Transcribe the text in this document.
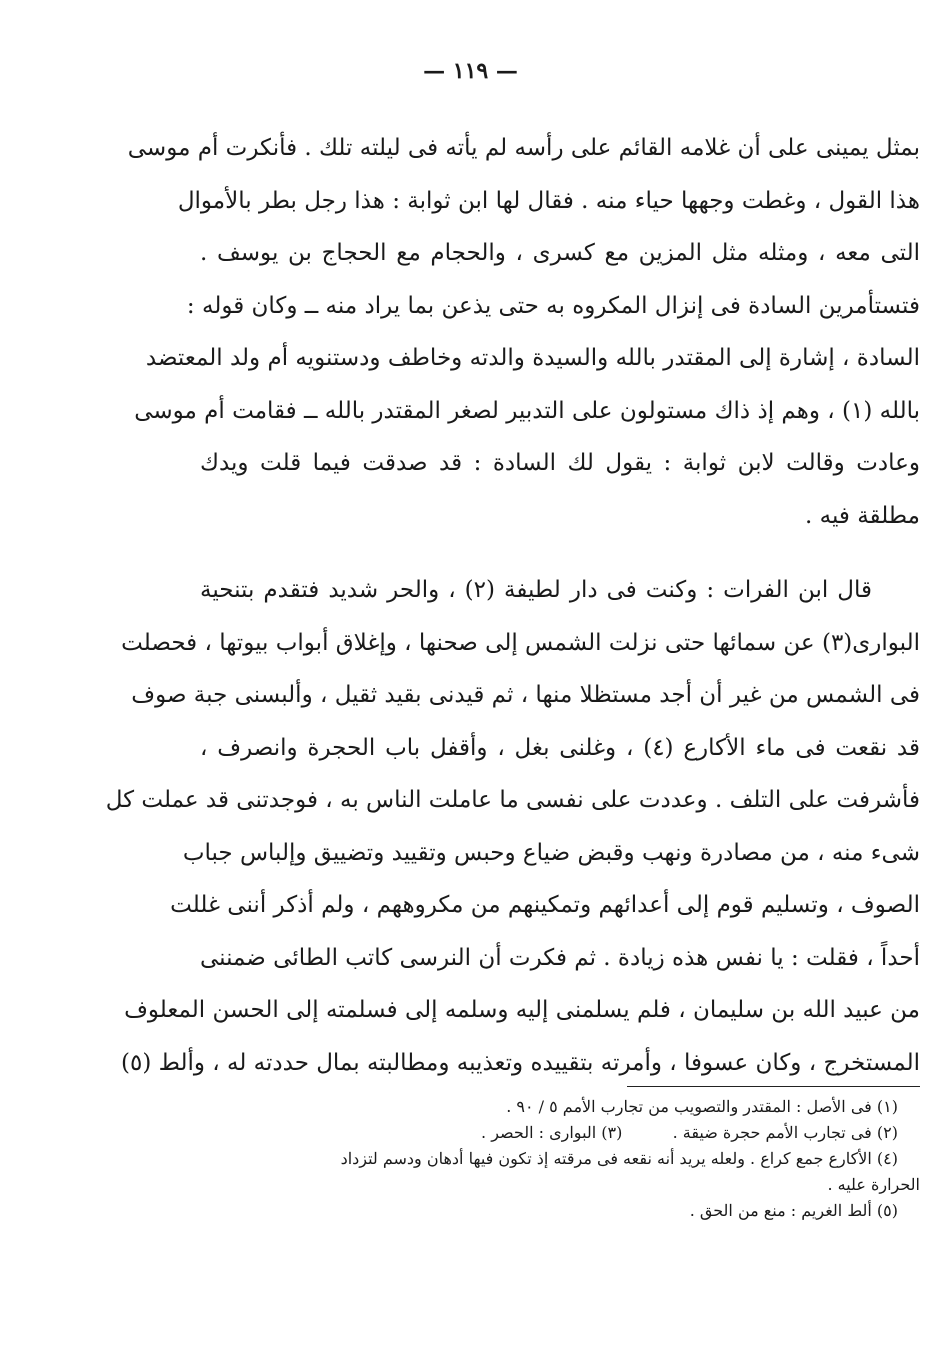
— ١١٩ —
بمثل يمينى على أن غلامه القائم على رأسه لم يأته فى ليلته تلك . فأنكرت أم موسى
هذا القول ، وغطت وجهها حياء منه . فقال لها ابن ثوابة : هذا رجل بطر بالأموال
التى معه ، ومثله مثل المزين مع كسرى ، والحجام مع الحجاج بن يوسف .
فتستأمرين السادة فى إنزال المكروه به حتى يذعن بما يراد منه ــ وكان قوله :
السادة ، إشارة إلى المقتدر بالله والسيدة والدته وخاطف ودستنويه أم ولد المعتضد
بالله (١) ، وهم إذ ذاك مستولون على التدبير لصغر المقتدر بالله ــ فقامت أم موسى
وعادت وقالت لابن ثوابة : يقول لك السادة : قد صدقت فيما قلت ويدك
مطلقة فيه .
قال ابن الفرات : وكنت فى دار لطيفة (٢) ، والحر شديد فتقدم بتنحية
البوارى(٣) عن سمائها حتى نزلت الشمس إلى صحنها ، وإغلاق أبواب بيوتها ، فحصلت
فى الشمس من غير أن أجد مستظلا منها ، ثم قيدنى بقيد ثقيل ، وألبسنى جبة صوف
قد نقعت فى ماء الأكارع (٤) ، وغلنى بغل ، وأقفل باب الحجرة وانصرف ،
فأشرفت على التلف . وعددت على نفسى ما عاملت الناس به ، فوجدتنى قد عملت كل
شىء منه ، من مصادرة ونهب وقبض ضياع وحبس وتقييد وتضييق وإلباس جباب
الصوف ، وتسليم قوم إلى أعدائهم وتمكينهم من مكروههم ، ولم أذكر أننى غللت
أحداً ، فقلت : يا نفس هذه زيادة . ثم فكرت أن النرسى كاتب الطائى ضمننى
من عبيد الله بن سليمان ، فلم يسلمنى إليه وسلمه إلى فسلمته إلى الحسن المعلوف
المستخرج ، وكان عسوفا ، وأمرته بتقييده وتعذيبه ومطالبته بمال حددته له ، وألط (٥)
(١) فى الأصل : المقتدر والتصويب من تجارب الأمم ٥ / ٩٠ .
(٢) فى تجارب الأمم حجرة ضيقة .  (٣) البوارى : الحصر .
(٤) الأكارع جمع كراع . ولعله يريد أنه نقعه فى مرقته إذ تكون فيها أدهان ودسم لتزداد
الحرارة عليه .
(٥) ألط الغريم : منع من الحق .
